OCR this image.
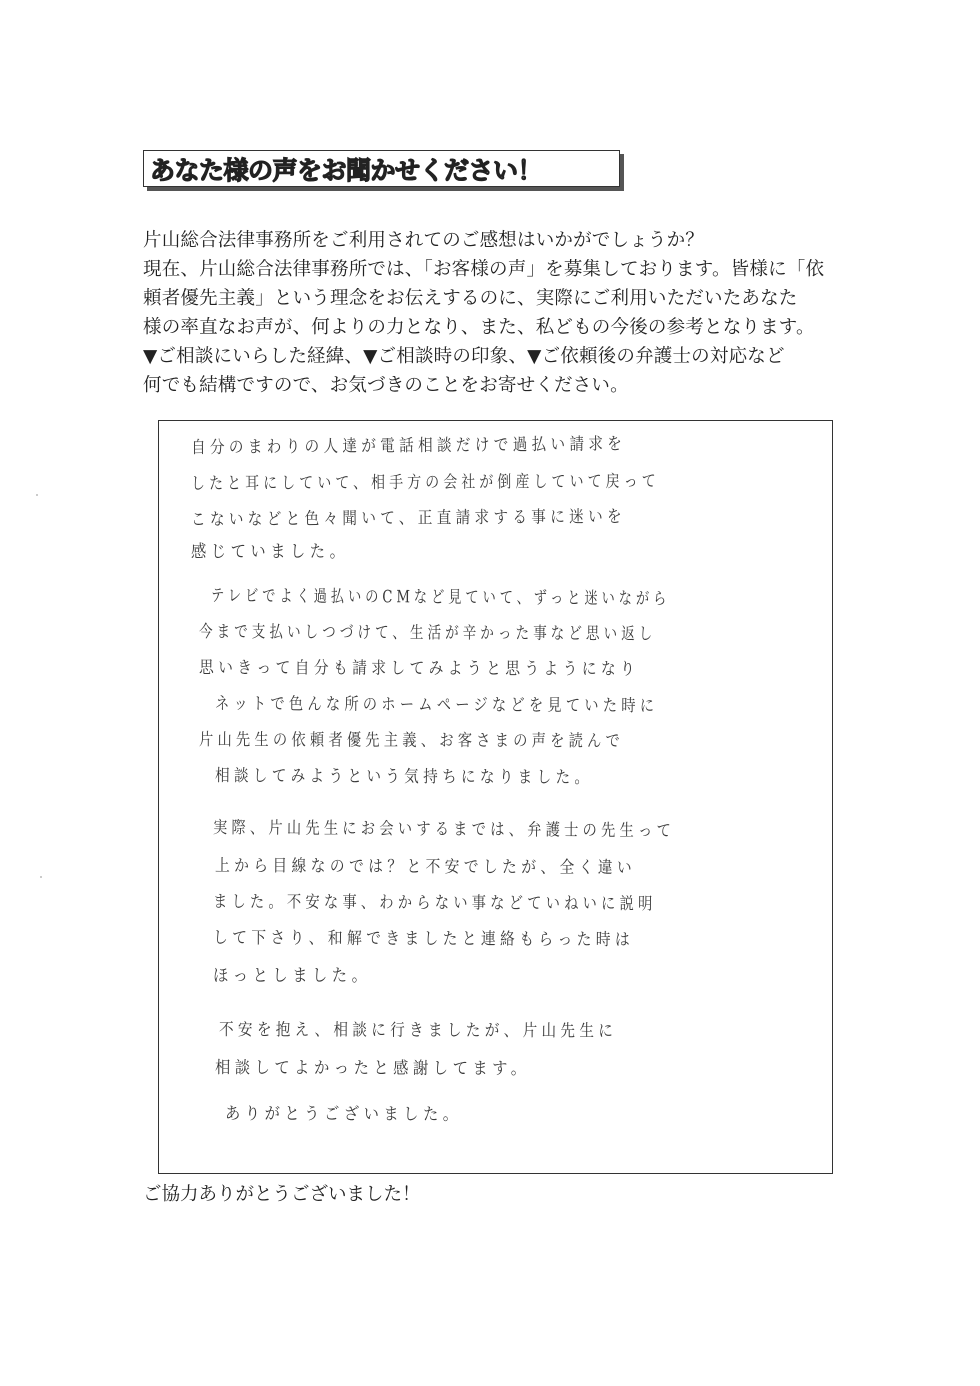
あなた様の声をお聞かせください！
片山総合法律事務所をご利用されてのご感想はいかがでしょうか？
現在、片山総合法律事務所では、「お客様の声」を募集しております。皆様に「依
頼者優先主義」という理念をお伝えするのに、実際にご利用いただいたあなた
様の率直なお声が、何よりの力となり、また、私どもの今後の参考となります。
▼ご相談にいらした経緯、▼ご相談時の印象、▼ご依頼後の弁護士の対応など
何でも結構ですので、お気づきのことをお寄せください。
自分のまわりの人達が電話相談だけで過払い請求を
したと耳にしていて、相手方の会社が倒産していて戻って
こないなどと色々聞いて、正直請求する事に迷いを
感じていました。
テレビでよく過払いのCMなど見ていて、ずっと迷いながら
今まで支払いしつづけて、生活が辛かった事など思い返し
思いきって自分も請求してみようと思うようになり
ネットで色んな所のホームページなどを見ていた時に
片山先生の依頼者優先主義、お客さまの声を読んで
相談してみようという気持ちになりました。
実際、片山先生にお会いするまでは、弁護士の先生って
上から目線なのでは？と不安でしたが、全く違い
ました。不安な事、わからない事などていねいに説明
して下さり、和解できましたと連絡もらった時は
ほっとしました。
不安を抱え、相談に行きましたが、片山先生に
相談してよかったと感謝してます。
ありがとうございました。
ご協力ありがとうございました！
